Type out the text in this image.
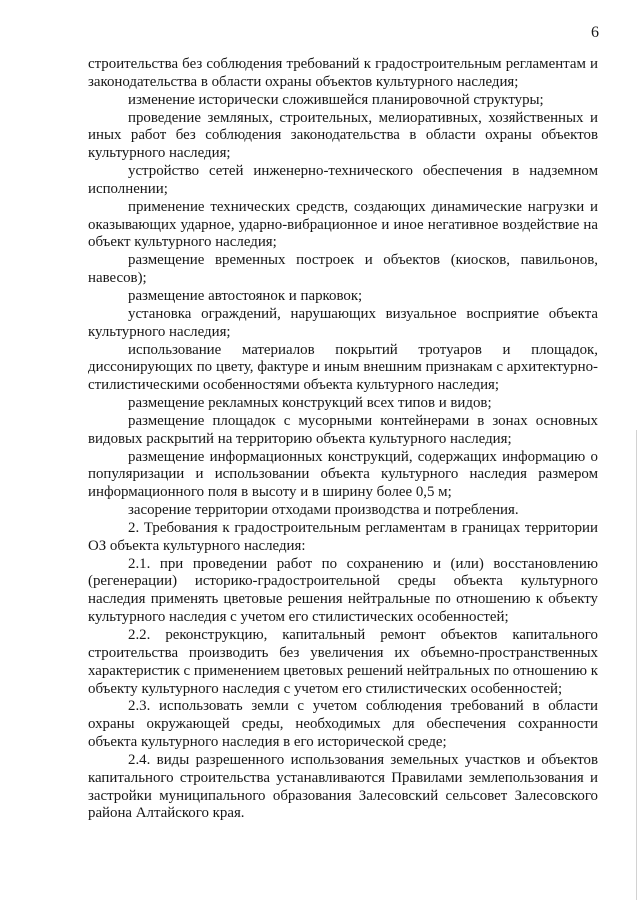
6

строительства без соблюдения требований к градостроительным регламентам и законодательства в области охраны объектов культурного наследия;

изменение исторически сложившейся планировочной структуры;

проведение земляных, строительных, мелиоративных, хозяйственных и иных работ без соблюдения законодательства в области охраны объектов культурного наследия;

устройство сетей инженерно-технического обеспечения в надземном исполнении;

применение технических средств, создающих динамические нагрузки и оказывающих ударное, ударно-вибрационное и иное негативное воздействие на объект культурного наследия;

размещение временных построек и объектов (киосков, павильонов, навесов);

размещение автостоянок и парковок;

установка ограждений, нарушающих визуальное восприятие объекта культурного наследия;

использование материалов покрытий тротуаров и площадок, диссонирующих по цвету, фактуре и иным внешним признакам с архитектурно-стилистическими особенностями объекта культурного наследия;

размещение рекламных конструкций всех типов и видов;

размещение площадок с мусорными контейнерами в зонах основных видовых раскрытий на территорию объекта культурного наследия;

размещение информационных конструкций, содержащих информацию о популяризации и использовании объекта культурного наследия размером информационного поля в высоту и в ширину более 0,5 м;

засорение территории отходами производства и потребления.

2. Требования к градостроительным регламентам в границах территории ОЗ объекта культурного наследия:

2.1. при проведении работ по сохранению и (или) восстановлению (регенерации) историко-градостроительной среды объекта культурного наследия применять цветовые решения нейтральные по отношению к объекту культурного наследия с учетом его стилистических особенностей;

2.2. реконструкцию, капитальный ремонт объектов капитального строительства производить без увеличения их объемно-пространственных характеристик с применением цветовых решений нейтральных по отношению к объекту культурного наследия с учетом его стилистических особенностей;

2.3. использовать земли с учетом соблюдения требований в области охраны окружающей среды, необходимых для обеспечения сохранности объекта культурного наследия в его исторической среде;

2.4. виды разрешенного использования земельных участков и объектов капитального строительства устанавливаются Правилами землепользования и застройки муниципального образования Залесовский сельсовет Залесовского района Алтайского края.
